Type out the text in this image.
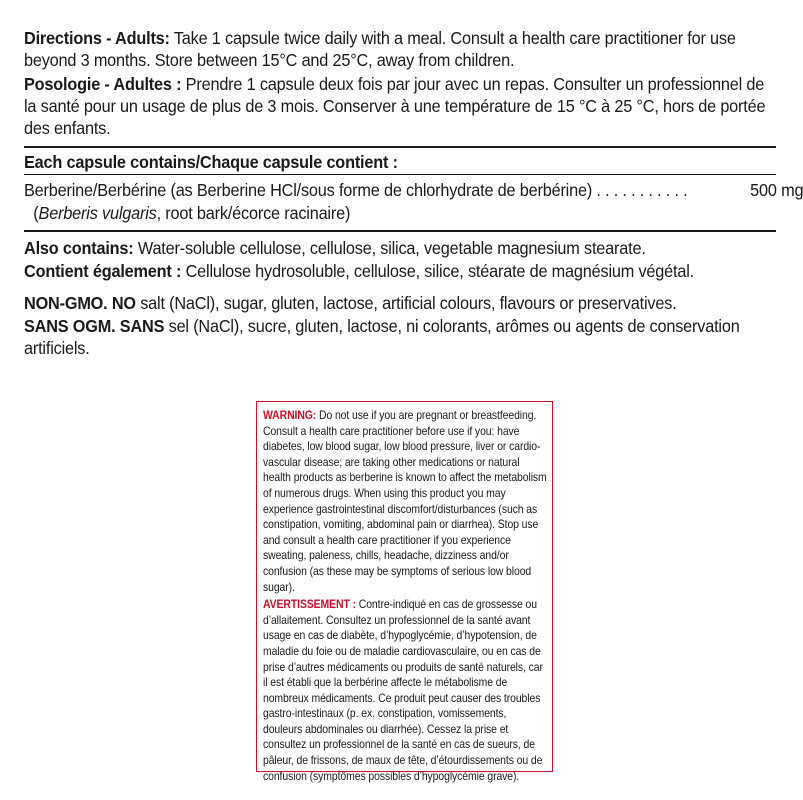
Directions - Adults: Take 1 capsule twice daily with a meal. Consult a health care practitioner for use beyond 3 months. Store between 15°C and 25°C, away from children.
Posologie - Adultes : Prendre 1 capsule deux fois par jour avec un repas. Consulter un professionnel de la santé pour un usage de plus de 3 mois. Conserver à une température de 15 °C à 25 °C, hors de portée des enfants.
Each capsule contains/Chaque capsule contient :
Berberine/Berbérine (as Berberine HCl/sous forme de chlorhydrate de berbérine) . . . . . . . . . . .	500 mg
(Berberis vulgaris, root bark/écorce racinaire)
Also contains: Water-soluble cellulose, cellulose, silica, vegetable magnesium stearate.
Contient également : Cellulose hydrosoluble, cellulose, silice, stéarate de magnésium végétal.
NON-GMO. NO salt (NaCl), sugar, gluten, lactose, artificial colours, flavours or preservatives.
SANS OGM. SANS sel (NaCl), sucre, gluten, lactose, ni colorants, arômes ou agents de conservation artificiels.
WARNING: Do not use if you are pregnant or breastfeeding. Consult a health care practitioner before use if you: have diabetes, low blood sugar, low blood pressure, liver or cardio-vascular disease; are taking other medications or natural health products as berberine is known to affect the metabolism of numerous drugs. When using this product you may experience gastrointestinal discomfort/disturbances (such as constipation, vomiting, abdominal pain or diarrhea). Stop use and consult a health care practitioner if you experience sweating, paleness, chills, headache, dizziness and/or confusion (as these may be symptoms of serious low blood sugar).
AVERTISSEMENT : Contre-indiqué en cas de grossesse ou d’allaitement. Consultez un professionnel de la santé avant usage en cas de diabète, d’hypoglycémie, d’hypotension, de maladie du foie ou de maladie cardiovasculaire, ou en cas de prise d’autres médicaments ou produits de santé naturels, car il est établi que la berbérine affecte le métabolisme de nombreux médicaments. Ce produit peut causer des troubles gastro-intestinaux (p. ex. constipation, vomissements, douleurs abdominales ou diarrhée). Cessez la prise et consultez un professionnel de la santé en cas de sueurs, de pâleur, de frissons, de maux de tête, d’étourdissements ou de confusion (symptômes possibles d’hypoglycémie grave).
